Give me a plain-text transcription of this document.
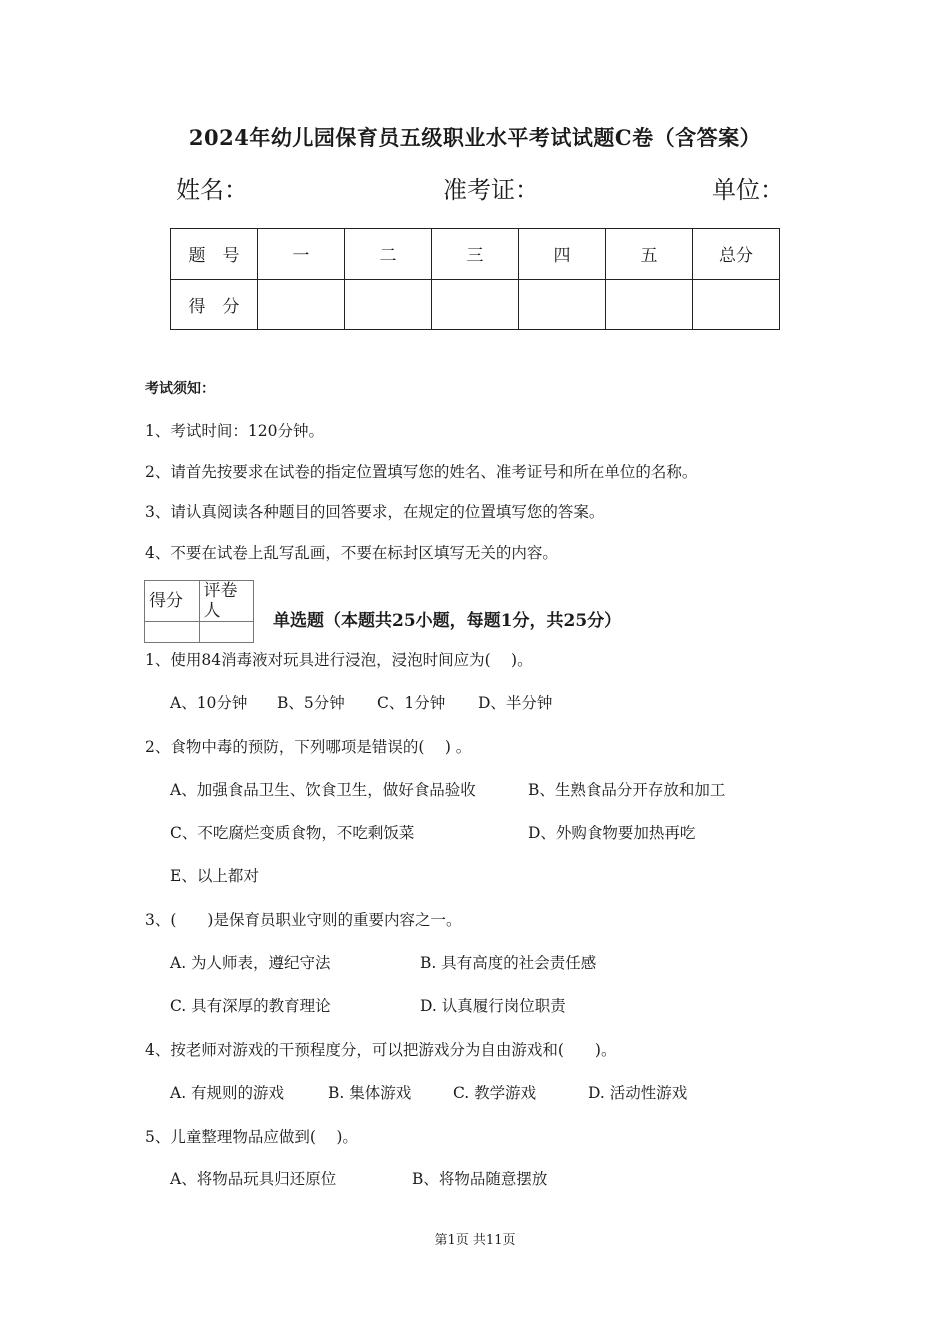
2024年幼儿园保育员五级职业水平考试试题C卷（含答案）
姓名：	准考证：	单位：
题　号	一	二	三	四	五	总分
得　分						
考试须知：
1、考试时间：120分钟。
2、请首先按要求在试卷的指定位置填写您的姓名、准考证号和所在单位的名称。
3、请认真阅读各种题目的回答要求，在规定的位置填写您的答案。
4、不要在试卷上乱写乱画，不要在标封区填写无关的内容。
得分	评卷人
		单选题（本题共25小题，每题1分，共25分）
1、使用84消毒液对玩具进行浸泡，浸泡时间应为(　 )。
A、10分钟 B、5分钟 C、1分钟 D、半分钟
2、食物中毒的预防，下列哪项是错误的(　 ) 。
A、加强食品卫生、饮食卫生，做好食品验收	B、生熟食品分开存放和加工
C、不吃腐烂变质食物，不吃剩饭菜	D、外购食物要加热再吃
E、以上都对
3、(　　)是保育员职业守则的重要内容之一。
A. 为人师表，遵纪守法	B. 具有高度的社会责任感
C. 具有深厚的教育理论	D. 认真履行岗位职责
4、按老师对游戏的干预程度分，可以把游戏分为自由游戏和(　　)。
A. 有规则的游戏	B. 集体游戏	C. 教学游戏	D. 活动性游戏
5、儿童整理物品应做到(　 )。
A、将物品玩具归还原位	B、将物品随意摆放
第1页 共11页
